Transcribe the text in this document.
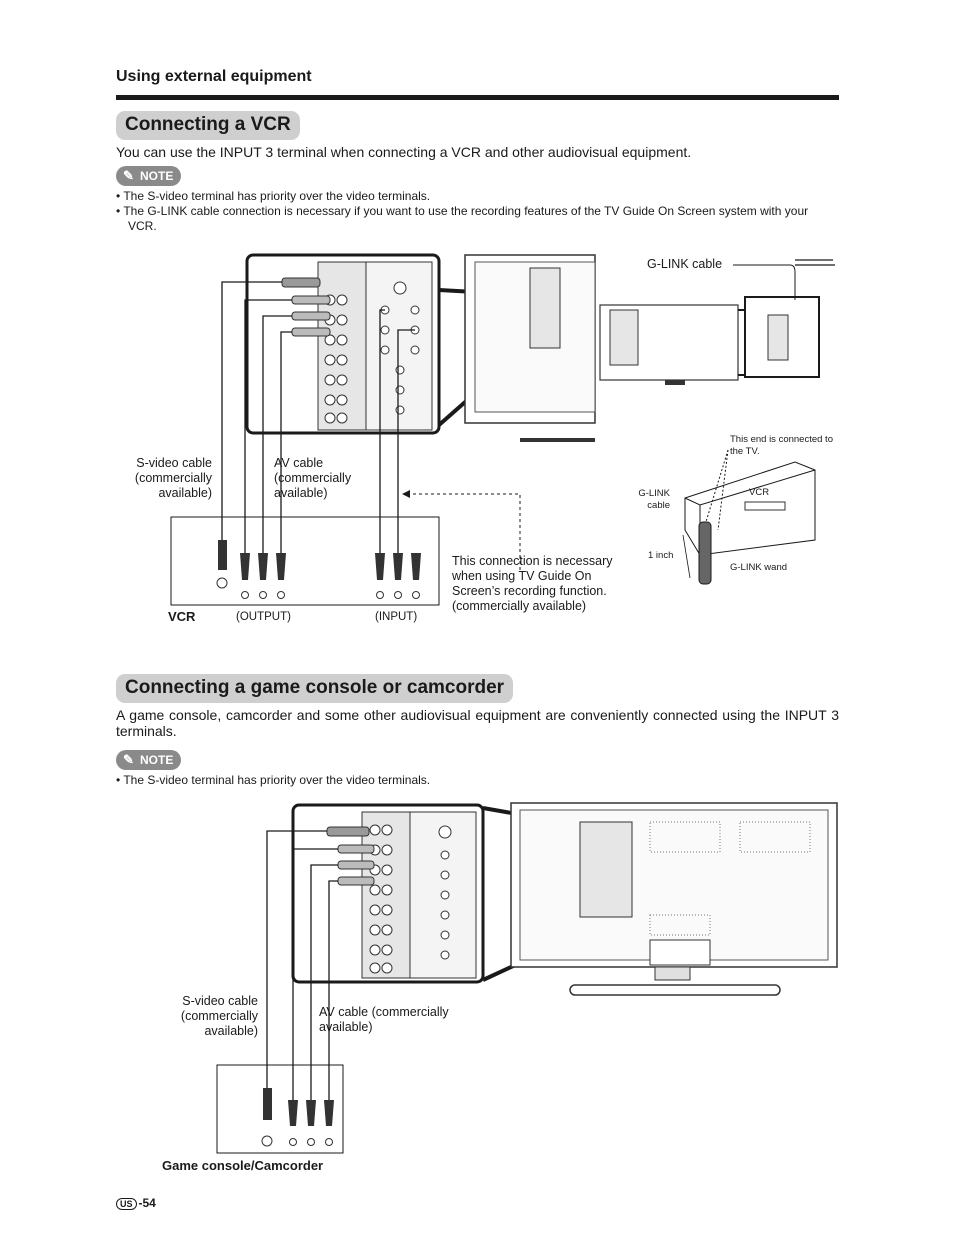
Using external equipment
Connecting a VCR
You can use the INPUT 3 terminal when connecting a VCR and other audiovisual equipment.
✎ NOTE
• The S-video terminal has priority over the video terminals.
• The G-LINK cable connection is necessary if you want to use the recording features of the TV Guide On Screen system with your VCR.
S-video cable (commercially available)
AV cable (commercially available)
VCR	(OUTPUT)	(INPUT)
This connection is necessary when using TV Guide On Screen’s recording function. (commercially available)
G-LINK cable
This end is connected to the TV.
G-LINK cable
VCR
1 inch
G-LINK wand
Connecting a game console or camcorder
A game console, camcorder and some other audiovisual equipment are conveniently connected using the INPUT 3 terminals.
✎ NOTE
• The S-video terminal has priority over the video terminals.
S-video cable (commercially available)
AV cable (commercially available)
Game console/Camcorder
US -54
